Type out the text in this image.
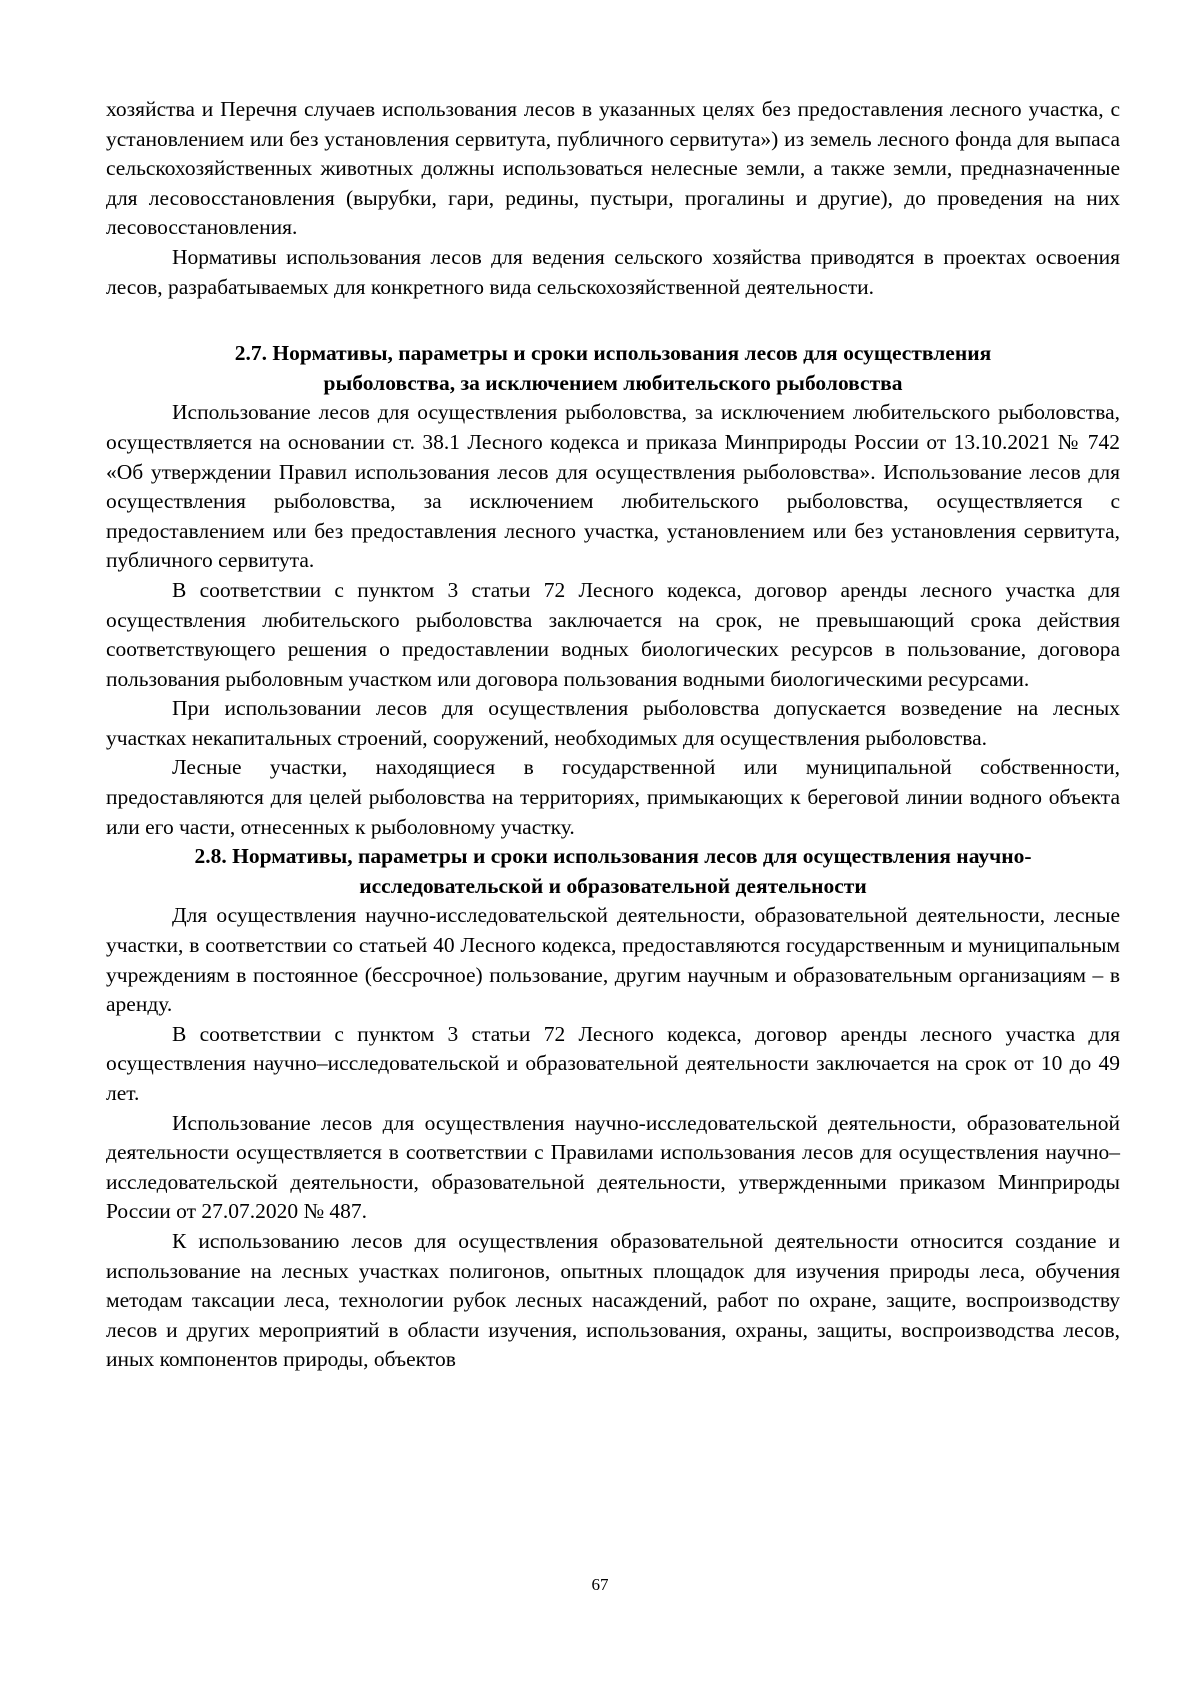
хозяйства и Перечня случаев использования лесов в указанных целях без предоставления лесного участка, с установлением или без установления сервитута, публичного сервитута») из земель лесного фонда для выпаса сельскохозяйственных животных должны использоваться нелесные земли, а также земли, предназначенные для лесовосстановления (вырубки, гари, редины, пустыри, прогалины и другие), до проведения на них лесовосстановления.

Нормативы использования лесов для ведения сельского хозяйства приводятся в проектах освоения лесов, разрабатываемых для конкретного вида сельскохозяйственной деятельности.

2.7. Нормативы, параметры и сроки использования лесов для осуществления
рыболовства, за исключением любительского рыболовства

Использование лесов для осуществления рыболовства, за исключением любительского рыболовства, осуществляется на основании ст. 38.1 Лесного кодекса и приказа Минприроды России от 13.10.2021 № 742 «Об утверждении Правил использования лесов для осуществления рыболовства». Использование лесов для осуществления рыболовства, за исключением любительского рыболовства, осуществляется с предоставлением или без предоставления лесного участка, установлением или без установления сервитута, публичного сервитута.

В соответствии с пунктом 3 статьи 72 Лесного кодекса, договор аренды лесного участка для осуществления любительского рыболовства заключается на срок, не превышающий срока действия соответствующего решения о предоставлении водных биологических ресурсов в пользование, договора пользования рыболовным участком или договора пользования водными биологическими ресурсами.

При использовании лесов для осуществления рыболовства допускается возведение на лесных участках некапитальных строений, сооружений, необходимых для осуществления рыболовства.

Лесные участки, находящиеся в государственной или муниципальной собственности, предоставляются для целей рыболовства на территориях, примыкающих к береговой линии водного объекта или его части, отнесенных к рыболовному участку.

2.8. Нормативы, параметры и сроки использования лесов для осуществления научно-
исследовательской и образовательной деятельности

Для осуществления научно-исследовательской деятельности, образовательной деятельности, лесные участки, в соответствии со статьей 40 Лесного кодекса, предоставляются государственным и муниципальным учреждениям в постоянное (бессрочное) пользование, другим научным и образовательным организациям – в аренду.

В соответствии с пунктом 3 статьи 72 Лесного кодекса, договор аренды лесного участка для осуществления научно–исследовательской и образовательной деятельности заключается на срок от 10 до 49 лет.

Использование лесов для осуществления научно-исследовательской деятельности, образовательной деятельности осуществляется в соответствии с Правилами использования лесов для осуществления научно–исследовательской деятельности, образовательной деятельности, утвержденными приказом Минприроды России от 27.07.2020 № 487.

К использованию лесов для осуществления образовательной деятельности относится создание и использование на лесных участках полигонов, опытных площадок для изучения природы леса, обучения методам таксации леса, технологии рубок лесных насаждений, работ по охране, защите, воспроизводству лесов и других мероприятий в области изучения, использования, охраны, защиты, воспроизводства лесов, иных компонентов природы, объектов

67
